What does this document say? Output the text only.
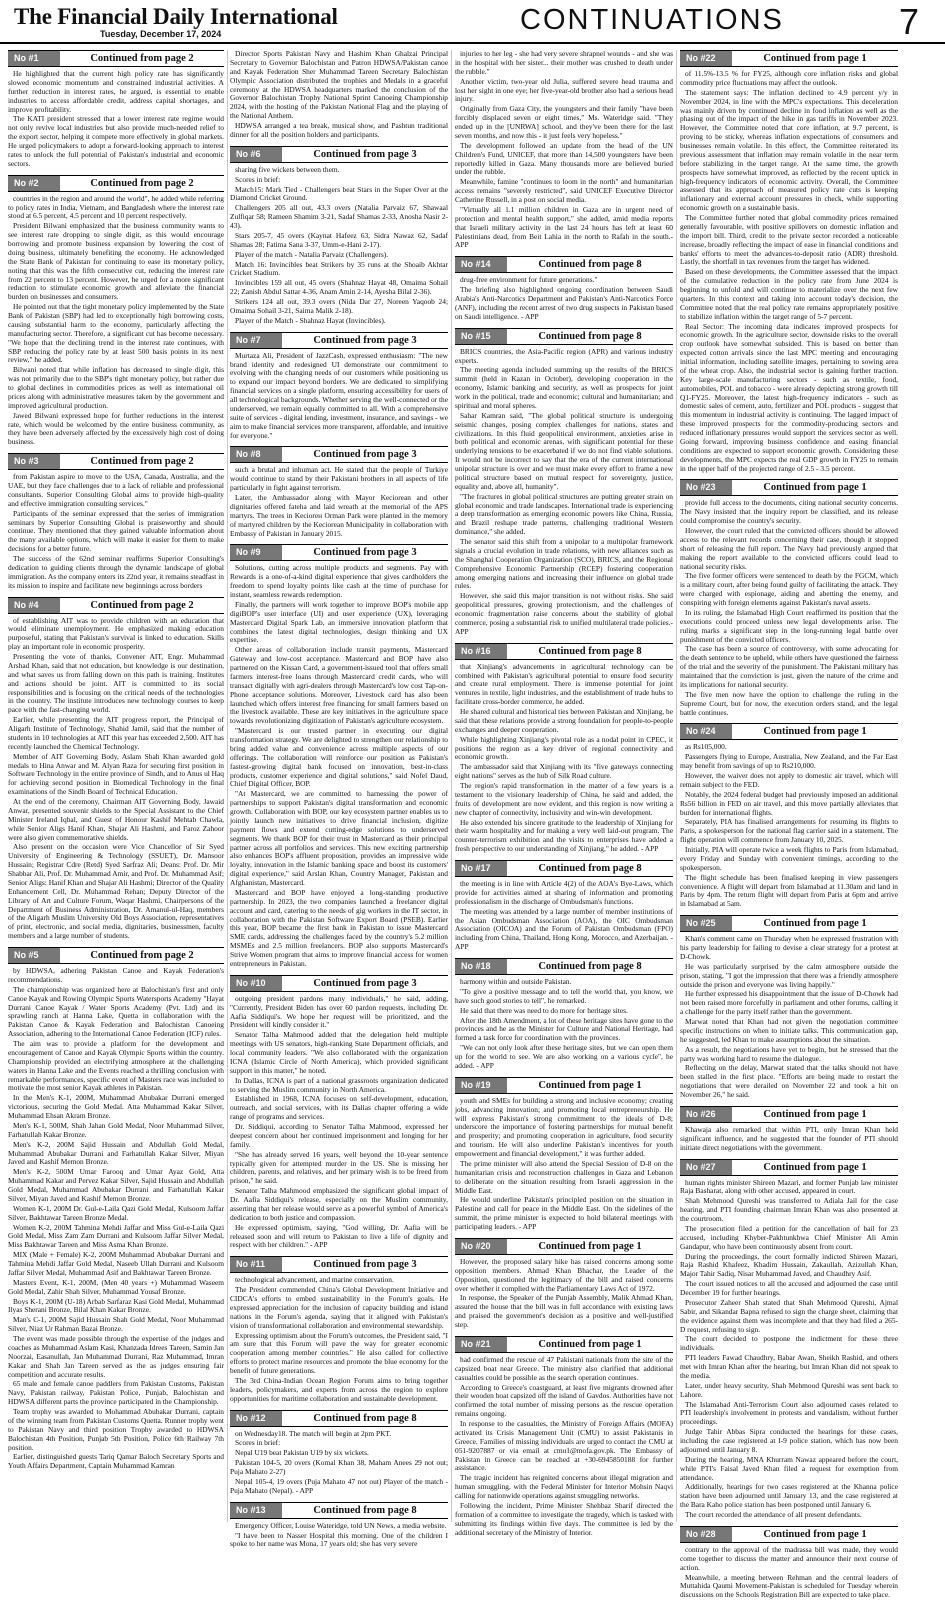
The Financial Daily International
Tuesday, December 17, 2024	CONTINUATIONS	7
No #1	Continued from page 2

He highlighted that the current high policy rate has significantly slowed economic momentum and constrained industrial activities. A further reduction in interest rates, he argued, is essential to enable industries to access affordable credit, address capital shortages, and improve profitability.

The KATI president stressed that a lower interest rate regime would not only revive local industries but also provide much-needed relief to the export sector, helping it compete more effectively in global markets. He urged policymakers to adopt a forward-looking approach to interest rates to unlock the full potential of Pakistan's industrial and economic sectors.

No #2	Continued from page 2

countries in the region and around the world", he added while referring to policy rates in India, Vietnam, and Bangladesh where the interest rate stood at 6.5 percent, 4.5 percent and 10 percent respectively.

President Bilwani emphasized that the business community wants to see interest rate dropping to single digit, as this would encourage borrowing and promote business expansion by lowering the cost of doing business, ultimately benefiting the economy. He acknowledged the State Bank of Pakistan for continuing to ease its monetary policy, noting that this was the fifth consecutive cut, reducing the interest rate from 22 percent to 13 percent. However, he urged for a more significant reduction to stimulate economic growth and alleviate the financial burden on businesses and consumers.

He pointed out that the tight monetary policy implemented by the State Bank of Pakistan (SBP) had led to exceptionally high borrowing costs, causing substantial harm to the economy, particularly affecting the manufacturing sector. Therefore, a significant cut has become necessary. "We hope that the declining trend in the interest rate continues, with SBP reducing the policy rate by at least 500 basis points in its next review," he added.

Bilwani noted that while inflation has decreased to single digit, this was not primarily due to the SBP's tight monetary policy, but rather due to global declines in commodities prices as well as international oil prices along with administrative measures taken by the government and improved agricultural production.

Jawed Bilwani expressed hope for further reductions in the interest rate, which would be welcomed by the entire business community, as they have been adversely affected by the excessively high cost of doing business.

No #3	Continued from page 2

from Pakistan aspire to move to the USA, Canada, Australia, and the UAE, but they face challenges due to a lack of reliable and professional consultants. Superior Consulting Global aims to provide high-quality and effective immigration consulting services."

Participants of the seminar expressed that the series of immigration seminars by Superior Consulting Global is praiseworthy and should continue. They mentioned that they gained valuable information about the many available options, which will make it easier for them to make decisions for a better future.

The success of the 62nd seminar reaffirms Superior Consulting's dedication to guiding clients through the dynamic landscape of global immigration. As the company enters its 22nd year, it remains steadfast in its mission to inspire and facilitate new beginnings across borders

No #4	Continued from page 2

of establishing AIT was to provide children with an education that would eliminate unemployment. He emphasized making education purposeful, stating that Pakistan's survival is linked to education. Skills play an important role in economic prosperity.

Presenting the vote of thanks, Convener AIT, Engr. Muhammad Arshad Khan, said that not education, but knowledge is our destination, and what saves us from falling down on this path is training. Institutes and actions should be joint. AIT is committed to its social responsibilities and is focusing on the critical needs of the technologies in the country. The institute introduces new technology courses to keep pace with the fast-changing world.

Earlier, while presenting the AIT progress report, the Principal of Aligarh Institute of Technology, Shahid Jamil, said that the number of students in 10 technologies at AIT this year has exceeded 2,500. AIT has recently launched the Chemical Technology.

Member of AIT Governing Body, Aslam Shah Khan awarded gold medals to Hina Anwar and M. Alyan Raza for securing first position in Software Technology in the entire province of Sindh, and to Anus ul Haq for achieving second position in Biomedical Technology in the final examinations of the Sindh Board of Technical Education.

At the end of the ceremony, Chairman AIT Governing Body, Jawaid Anwar, presented souvenir shields to the Special Assistant to the Chief Minister Ireland Iqbal, and Guest of Honour Kashif Mehtab Chawla, while Senior Aligs Hanif Khan, Shajar Ali Hashmi, and Faroz Zahoor were also given commemorative shields.

Also present on the occasion were Vice Chancellor of Sir Syed University of Engineering & Technology (SSUET), Dr. Mansoor Hussain; Registrar Cdre (Retd) Syed Sarfraz Ali; Deans: Prof. Dr. Mir Shabbar Ali, Prof. Dr. Muhammad Amir, and Prof. Dr. Muhammad Asif; Senior Aligs: Hanif Khan and Shajar Ali Hashmi; Director of the Quality Enhancement Cell, Dr. Muhammad Rehan; Deputy Director of the Library of Art and Culture Forum, Waqar Hashmi, Chairpersons of the Department of Business Administration, Dr. Amanul-ul-Haq, members of the Aligarh Muslim University Old Boys Association, representatives of print, electronic, and social media, dignitaries, businessmen, faculty members and a large number of students.

No #5	Continued from page 2

by HDWSA, adhering Pakistan Canoe and Kayak Federation's recommendations.

The championship was organized here at Balochistan's first and only Canoe Kayak and Rowing Olympic Sports Watersports Academy "Hayat Durrani Canoe Kayak / Water Sports Academy (Pvt. Ltd) and its sprawling ranch at Hanna Lake, Quetta in collaboration with the Pakistan Canoe & Kayak Federation and Balochistan Canoeing Association, adhering to the International Canoe Federation (ICF) rules.

The aim was to provide a platform for the development and encouragement of Canoe and Kayak Olympic Sports within the country. Championship provided an electrifying atmosphere at the challenging waters in Hanna Lake and the Events reached a thrilling conclusion with remarkable performances, specific event of Masters race was included to motivate the most senior Kayak athletes in Pakistan.

In the Men's K-1, 200M, Muhammad Abubakar Durrani emerged victorious, securing the Gold Medal. Atta Muhammad Kakar Silver, Muhammad Ehsan Akram Bronze.

Men's K-1, 500M, Shah Jahan Gold Medal, Noor Muhammad Silver, Farhatullah Kakar Bronze.

Men's K-2, 200M Sajid Hussain and Abdullah Gold Medal, Muhammad Abubakar Durrani and Farhatullah Kakar Silver, Miyan Javed and Kashif Memon Bronze.

Men's K-2, 500M Umar Farooq and Umar Ayaz Gold, Atta Muhammad Kakar and Pervez Kakar Silver, Sajid Hussain and Abdullah Gold Medal, Muhammad Abubakar Durrani and Farhatullah Kakar Silver, Miyan Javed and Kashif Memon Bronze.

Women K-1, 200M Dr. Gul-e-Laila Qazi Gold Medal, Kulsoom Jaffar Silver, Bakhtawar Tareen Bronze Medal.

Women K-2, 200M Tahmina Mehdi Jaffar and Miss Gul-e-Laila Qazi Gold Medal, Miss Zam Zam Durrani and Kulsoom Jaffar Silver Medal, Miss Bakhtawar Tareen and Miss Asma Khan Bronze.

MIX (Male + Female) K-2, 200M Muhammad Abubakar Durrani and Tahmina Mehdi Jaffar Gold Medal, Naseeb Ullah Durrani and Kulsoom Jaffar Silver Medal, Muhammad Asif and Bakhtawar Tareen Bronze.

Masters Event, K-1, 200M, (Men 40 years +) Muhammad Waseem Gold Medal, Zahir Shah Silver, Muhammad Yousaf Bronze.

Boys K-1, 200M (U-18) Arbab Sarfaraz Kasi Gold Medal, Muhammad Ilyas Sherani Bronze, Bilal Khan Kakar Bronze.

Man's C-1, 200M Sajid Hussain Shah Gold Medal, Noor Muhammad Silver, Niaz Ur Rahman Bazai Bronze.

The event was made possible through the expertise of the judges and coaches as Muhammad Aslam Kasi, Khanzada Idrees Tareen, Samin Jan Noorzai, Easanullah, Jan Muhammad Durrani, Raz Muhammad, Imran Kakar and Shah Jan Tareen served as the as judges ensuring fair competition and accurate results.

65 male and female canoe paddlers from Pakistan Customs, Pakistan Navy, Pakistan railway, Pakistan Police, Punjab, Balochistan and HDWSA different parts the province participated in the Championship.

Team trophy was awarded to Mohammad Abubakar Durrani, captain of the winning team from Pakistan Customs Quetta. Runner trophy went to Pakistan Navy and third position Trophy awarded to HDWSA Balochistan 4th Position, Punjab 5th Position, Police 6th Railway 7th position.

Earlier, distinguished guests Tariq Qamar Baloch Secretary Sports and Youth Affairs Department, Captain Muhammad Kamran

Director Sports Pakistan Navy and Hashim Khan Ghalzai Principal Secretary to Governor Balochistan and Patron HDWSA/Pakistan canoe and Kayak Federation Sher Muhammad Tareen Secretary Balochistan Olympic Association distributed the trophies and Medals in a graceful ceremony at the HDWSA headquarters marked the conclusion of the Governor Balochistan Trophy National Sprint Canoeing Championship 2024, with the hosting of the Pakistan National Flag and the playing of the National Anthem.

HDWSA arranged a tea break, musical show, and Pashtun traditional dinner for all the position holders and participants.

No #6	Continued from page 3

sharing five wickets between them.

Scores in brief:

Match15: Mark Tied - Challengers beat Stars in the Super Over at the Diamond Cricket Ground.

Challengers 205 all out, 43.3 overs (Natalia Parvaiz 67, Shawaal Zulfiqar 58; Rameen Shamim 3-21, Sadaf Shamas 2-33, Anosha Nasir 2-43).

Stars 205-7, 45 overs (Kaynat Hafeez 63, Sidra Nawaz 62, Sadaf Shamas 28; Fatima Sana 3-37, Umm-e-Hani 2-17).

Player of the match - Natalia Parvaiz (Challengers).

Match 16: Invincibles beat Strikers by 35 runs at the Shoaib Akhtar Cricket Stadium.

Invincibles 159 all out, 45 overs (Shahnaz Hayat 48, Omaima Sohail 22; Zanish Abdul Sattar 4-36, Anam Amin 2-14, Ayesha Bilal 2-36).

Strikers 124 all out, 39.3 overs (Nida Dar 27, Noreen Yaqoob 24; Omaima Sohail 3-21, Saima Malik 2-18).

Player of the Match - Shahnaz Hayat (Invincibles).

No #7	Continued from page 3

Murtaza Ali, President of JazzCash, expressed enthusiasm: "The new brand identity and redesigned UI demonstrate our commitment to evolving with the changing needs of our customers while positioning us to expand our impact beyond borders. We are dedicated to simplifying financial services on a single platform, ensuring accessibility for users of all technological backgrounds. Whether serving the well-connected or the underserved, we remain equally committed to all. With a comprehensive suite of services - digital lending, investment, insurance, and savings - we aim to make financial services more transparent, affordable, and intuitive for everyone."

No #8	Continued from page 3

such a brutal and inhuman act. He stated that the people of Turkiye would continue to stand by their Pakistani brothers in all aspects of life particularly in fight against terrorism.

Later, the Ambassador along with Mayor Keciorean and other dignitaries offered fateha and laid wreath at the memorial of the APS martyrs. The trees in Keciorен Orman Park were planted in the memory of martyred children by the Keciorean Municipality in collaboration with Embassy of Pakistan in January 2015.

No #9	Continued from page 3

Solutions, cutting across multiple products and segments. Pay with Rewards is a one-of-a-kind digital experience that gives cardholders the freedom to spend loyalty points like cash at the time of purchase for instant, seamless rewards redemption.

Finally, the partners will work together to improve BOP's mobile app digiBOP's user interface (UI) and user experience (UX), leveraging Mastercard Digital Spark Lab, an immersive innovation platform that combines the latest digital technologies, design thinking and UX expertise.

Other areas of collaboration include transit payments, Mastercard Gateway and low-cost acceptance. Mastercard and BOP have also partnered on the Kissan Card, a government-issued tool that offers small farmers interest-free loans through Mastercard credit cards, who will transact digitally with agri-dealers through Mastercard's low cost Tap-on-Phone acceptance solutions. Moreover, Livestock card has also been launched which offers interest free financing for small farmers based on the livestock available. These are key initiatives in the agriculture space towards revolutionizing digitization of Pakistan's agriculture ecosystem.

"Mastercard is our trusted partner in executing our digital transformation strategy. We are delighted to strengthen our relationship to bring added value and convenience across multiple aspects of our offerings. The collaboration will reinforce our position as Pakistan's fastest-growing digital bank focused on innovation, best-in-class products, customer experience and digital solutions," said Nofel Daud, Chief Digital Officer, BOP.

"At Mastercard, we are committed to harnessing the power of partnerships to support Pakistan's digital transformation and economic growth. Collaboration with BOP, our key ecosystem partner enables us to jointly launch new initiatives to drive financial inclusion, digitize payment flows and extend cutting-edge solutions to underserved segments. We thank BOP for their trust in Mastercard as their principal partner across all portfolios and services. This new exciting partnership also enhances BOP's affluent proposition, provides an impressive wide loyalty, innovation in the Islamic banking space and boost its customers' digital experience," said Arslan Khan, Country Manager, Pakistan and Afghanistan, Mastercard.

Mastercard and BOP have enjoyed a long-standing productive partnership. In 2023, the two companies launched a freelancer digital account and card, catering to the needs of gig workers in the IT sector, in collaboration with the Pakistan Software Export Board (PSEB). Earlier this year, BOP became the first bank in Pakistan to issue Mastercard SME cards, addressing the challenges faced by the country's 5.2 million MSMEs and 2.5 million freelancers. BOP also supports Mastercard's Strive Women program that aims to improve financial access for women entrepreneurs in Pakistan.

No #10	Continued from page 3

outgoing president pardons many individuals," he said, adding, "Currently, President Biden has over 60 pardon requests, including Dr. Aafia Siddiqui's. We hope her request will be prioritized, and the President will kindly consider it."

Senator Talha Mahmood added that the delegation held multiple meetings with US senators, high-ranking State Department officials, and local community leaders. "We also collaborated with the organization ICNA (Islamic Circle of North America), which provided significant support in this matter," he noted.

In Dallas, ICNA is part of a national grassroots organization dedicated to serving the Muslim community in North America.

Established in 1968, ICNA focuses on self-development, education, outreach, and social services, with its Dallas chapter offering a wide range of programs and services.

Dr. Siddiqui, according to Senator Talha Mahmood, expressed her deepest concern about her continued imprisonment and longing for her family.

"She has already served 16 years, well beyond the 10-year sentence typically given for attempted murder in the US. She is missing her children, parents, and relatives, and her primary wish is to be freed from prison," he said.

Senator Talha Mahmood emphasized the significant global impact of Dr. Aafia Siddiqui's release, especially on the Muslim community, asserting that her release would serve as a powerful symbol of America's dedication to both justice and compassion.

He expressed optimism, saying, "God willing, Dr. Aafia will be released soon and will return to Pakistan to live a life of dignity and respect with her children." - APP

No #11	Continued from page 3

technological advancement, and marine conservation.

The President commended China's Global Development Initiative and CIDCA's efforts to embed sustainability in the Forum's goals. He expressed appreciation for the inclusion of capacity building and island nations in the Forum's agenda, saying that it aligned with Pakistan's vision of transformational collaboration and environmental stewardship.

Expressing optimism about the Forum's outcomes, the President said, "I am sure that this Forum will pave the way for greater economic cooperation among member countries." He also called for collective efforts to protect marine resources and promote the blue economy for the benefit of future generations.

The 3rd China-Indian Ocean Region Forum aims to bring together leaders, policymakers, and experts from across the region to explore opportunities for maritime collaboration and sustainable development.

No #12	Continued from page 8

on Wednesday18. The match will begin at 2pm PKT.

Scores in brief:

Nepal U19 beat Pakistan U19 by six wickets.

Pakistan 104-5, 20 overs (Komal Khan 38, Maham Anees 29 not out; Puja Mahato 2-27)

Nepal 105-4, 19 overs (Puja Mahato 47 not out) Player of the match - Puja Mahato (Nepal). - APP

No #13	Continued from page 8

Emergency Officer, Louise Wateridge, told UN News, a media website.

"I have been to Nasser Hospital this morning. One of the children I spoke to her name was Mona, 17 years old; she has very severe

injuries to her leg - she had very severe shrapnel wounds - and she was in the hospital with her sister... their mother was crushed to death under the rubble."

Another victim, two-year old Julia, suffered severe head trauma and lost her sight in one eye; her five-year-old brother also had a serious head injury.

Originally from Gaza City, the youngsters and their family "have been forcibly displaced seven or eight times," Ms. Wateridge said. "They ended up in the [UNRWA] school, and they've been there for the last seven months, and now this - it just feels very hopeless."

The development followed an update from the head of the UN Children's Fund, UNICEF, that more than 14,500 youngsters have been reportedly killed in Gaza. Many thousands more are believed buried under the rubble.

Meanwhile, famine "continues to loom in the north" and humanitarian access remains "severely restricted", said UNICEF Executive Director Catherine Russell, in a post on social media.

"Virtually all 1.1 million children in Gaza are in urgent need of protection and mental health support," she added, amid media reports that Israeli military activity in the last 24 hours has left at least 60 Palestinians dead, from Beit Lahia in the north to Rafah in the south.- APP

No #14	Continued from page 8

drug-free environment for future generations."

The briefing also highlighted ongoing coordination between Saudi Arabia's Anti-Narcotics Department and Pakistan's Anti-Narcotics Force (ANF), including the recent arrest of two drug suspects in Pakistan based on Saudi intelligence. - APP

No #15	Continued from page 8

BRICS countries, the Asia-Pacific region (APR) and various industry experts.

The meeting agenda included summing up the results of the BRICS summit (held in Kazan in October), developing cooperation in the economy, Islamic banking and security, as well as prospects for joint work in the political, trade and economic; cultural and humanitarian; and spiritual and moral spheres.

Sahar Kamran said, "The global political structure is undergoing seismic changes, posing complex challenges for nations, states and civilizations. In this fluid geopolitical environment, anxieties arise in both political and economic arenas, with significant potential for these underlying tensions to be exacerbated if we do not find viable solutions. It would not be incorrect to say that the era of the current international unipolar structure is over and we must make every effort to frame a new political structure based on mutual respect for sovereignty, justice, equality and, above all, humanity".

"The fractures in global political structures are putting greater strain on global economic and trade landscapes. International trade is experiencing a deep transformation as emerging economic powers like China, Russia, and Brazil reshape trade patterns, challenging traditional Western dominance," she added.

The senator said this shift from a unipolar to a multipolar framework signals a crucial evolution in trade relations, with new alliances such as the Shanghai Cooperation Organization (SCO), BRICS, and the Regional Comprehensive Economic Partnership (RCEP) fostering cooperation among emerging nations and increasing their influence on global trade rules.

However, she said this major transition is not without risks. She said geopolitical pressures, growing protectionism, and the challenges of economic fragmentation raise concerns about the stability of global commerce, posing a substantial risk to unified multilateral trade policies.- APP

No #16	Continued from page 8

that Xinjiang's advancements in agricultural technology can be combined with Pakistan's agricultural potential to ensure food security and create rural employment. There is immense potential for joint ventures in textile, light industries, and the establishment of trade hubs to facilitate cross-border commerce, he added.

He shared cultural and historical ties between Pakistan and Xinjiang, he said that these relations provide a strong foundation for people-to-people exchanges and deeper cooperation.

While highlighting Xinjiang's pivotal role as a nodal point in CPEC, it positions the region as a key driver of regional connectivity and economic growth.

The ambassador said that Xinjiang with its "five gateways connecting eight nations" serves as the hub of Silk Road culture.

The region's rapid transformation in the matter of a few years is a testament to the visionary leadership of China, he said and added, the fruits of development are now evident, and this region is now writing a new chapter of connectivity, inclusivity and win-win development.

He also extended his sincere gratitude to the leadership of Xinjiang for their warm hospitality and for making a very well laid-out program. The counter-terrorism exhibition and the visits to enterprises have added a fresh perspective to our understanding of Xinjiang," he added. - APP

No #17	Continued from page 8

the meeting is in line with Article 4(2) of the AOA's Bye-Laws, which provide for activities aimed at sharing of information and promoting professionalism in the discharge of Ombudsman's functions.

The meeting was attended by a large number of member institutions of the Asian Ombudsman Association (AOA), the OIC Ombudsman Association (OICOA) and the Forum of Pakistan Ombudsman (FPO) including from China, Thailand, Hong Kong, Morocco, and Azerbaijan. - APP

No #18	Continued from page 8

harmony within and outside Pakistan.

"To give a positive message and to tell the world that, you know, we have such good stories to tell", he remarked.

He said that there was need to do more for heritage sites.

After the 18th Amendment, a lot of these heritage sites have gone to the provinces and he as the Minister for Culture and National Heritage, had formed a task force for coordination with the provinces.

"We can not only look after these heritage sites, but we can open them up for the world to see. We are also working on a various cycle", he added. - APP

No #19	Continued from page 1

youth and SMEs for building a strong and inclusive economy; creating jobs, advancing innovation; and promoting local entrepreneurship. He will express Pakistan's strong commitment to the ideals of D-8; underscore the importance of fostering partnerships for mutual benefit and prosperity; and promoting cooperation in agriculture, food security and tourism. He will also underline Pakistan's incentives for youth empowerment and financial development," it was further added.

The prime minister will also attend the Special Session of D-8 on the humanitarian crisis and reconstruction challenges in Gaza and Lebanon to deliberate on the situation resulting from Israeli aggression in the Middle East.

He would underline Pakistan's principled position on the situation in Palestine and call for peace in the Middle East. On the sidelines of the summit, the prime minister is expected to hold bilateral meetings with participating leaders. - APP

No #20	Continued from page 1

However, the proposed salary hike has raised concerns among some opposition members. Ahmad Khan Bhachar, the Leader of the Opposition, questioned the legitimacy of the bill and raised concerns over whether it complied with the Parliamentary Laws Act of 1972.

In response, the Speaker of the Punjab Assembly, Malik Ahmad Khan, assured the house that the bill was in full accordance with existing laws and praised the government's decision as a positive and well-justified step.

No #21	Continued from page 1

had confirmed the rescue of 47 Pakistani nationals from the site of the capsized boat near Greece. The ministry also clarified that additional casualties could be possible as the search operation continues.

According to Greece's coastguard, at least five migrants drowned after their wooden boat capsized off the island of Gavdos. Authorities have not confirmed the total number of missing persons as the rescue operation remains ongoing.

In response to the casualties, the Ministry of Foreign Affairs (MOFA) activated its Crisis Management Unit (CMU) to assist Pakistanis in Greece. Families of missing individuals are urged to contact the CMU at 051-9207887 or via email at cmu1@mofa.gov.pk. The Embassy of Pakistan in Greece can be reached at +30-6945850188 for further assistance.

The tragic incident has reignited concerns about illegal migration and human smuggling, with the Federal Minister for Interior Mohsin Naqvi calling for nationwide operations against smuggling networks.

Following the incident, Prime Minister Shehbaz Sharif directed the formation of a committee to investigate the tragedy, which is tasked with submitting its findings within five days. The committee is led by the additional secretary of the Ministry of Interior.

No #22	Continued from page 1

of 11.5%-13.5 % for FY25, although core inflation risks and global commodity price fluctuations may affect the outlook.

The statement says: The inflation declined to 4.9 percent y/y in November 2024, in line with the MPC's expectations. This deceleration was mainly driven by continued decline in food inflation as well as the phasing out of the impact of the hike in gas tariffs in November 2023. However, the Committee noted that core inflation, at 9.7 percent, is proving to be sticky, whereas inflation expectations of consumers and businesses remain volatile. In this effect, the Committee reiterated its previous assessment that inflation may remain volatile in the near term before stabilizing in the target range. At the same time, the growth prospects have somewhat improved, as reflected by the recent uptick in high-frequency indicators of economic activity. Overall, the Committee assessed that its approach of measured policy rate cuts is keeping inflationary and external account pressures in check, while supporting economic growth on a sustainable basis.

The Committee further noted that global commodity prices remained generally favourable, with positive spillovers on domestic inflation and the import bill. Third, credit to the private sector recorded a noticeable increase, broadly reflecting the impact of ease in financial conditions and banks' efforts to meet the advances-to-deposit ratio (ADR) threshold. Lastly, the shortfall in tax revenues from the target has widened.

Based on these developments, the Committee assessed that the impact of the cumulative reduction in the policy rate from June 2024 is beginning to unfold and will continue to materialize over the next few quarters. In this context and taking into account today's decision, the Committee noted that the real policy rate remains appropriately positive to stabilize inflation within the target range of 5-7 percent.

Real Sector: The incoming data indicates improved prospects for economic growth. In the agriculture sector, downside risks to the overall crop outlook have somewhat subsided. This is based on better than expected cotton arrivals since the last MPC meeting and encouraging initial information, including satellite images, pertaining to sowing area of the wheat crop. Also, the industrial sector is gaining further traction. Key large-scale manufacturing sectors - such as textile, food, automobiles, POL and tobacco - were already depicting strong growth till Q1-FY25. Moreover, the latest high-frequency indicators - such as domestic sales of cement, auto, fertilizer and POL products - suggest that this momentum in industrial activity is continuing. The lagged impact of these improved prospects for the commodity-producing sectors and reduced inflationary pressures would support the services sector as well. Going forward, improving business confidence and easing financial conditions are expected to support economic growth. Considering these developments, the MPC expects the real GDP growth in FY25 to remain in the upper half of the projected range of 2.5 - 3.5 percent.

No #23	Continued from page 1

provide full access to the documents, citing national security concerns. The Navy insisted that the inquiry report be classified, and its release could compromise the country's security.

However, the court ruled that the convicted officers should be allowed access to the relevant records concerning their case, though it stopped short of releasing the full report. The Navy had previously argued that making the report available to the convicted officers could lead to national security risks.

The five former officers were sentenced to death by the FGCM, which is a military court, after being found guilty of facilitating the attack. They were charged with espionage, aiding and abetting the enemy, and conspiring with foreign elements against Pakistan's naval assets.

In its ruling, the Islamabad High Court reaffirmed its position that the executions could proceed unless new legal developments arise. The ruling marks a significant step in the long-running legal battle over punishment of the convicted officers.

The case has been a source of controversy, with some advocating for the death sentence to be upheld, while others have questioned the fairness of the trial and the severity of the punishment. The Pakistani military has maintained that the conviction is just, given the nature of the crime and its implications for national security.

The five men now have the option to challenge the ruling in the Supreme Court, but for now, the execution orders stand, and the legal battle continues.

No #24	Continued from page 1

as Rs105,000.

Passengers flying to Europe, Australia, New Zealand, and the Far East may benefit from savings of up to Rs210,000.

However, the waiver does not apply to domestic air travel, which will remain subject to the FED.

Notably, the 2024 federal budget had previously imposed an additional Rs56 billion in FED on air travel, and this move partially alleviates that burden for international flights.

Separately, PIA has finalised arrangements for resuming its flights to Paris, a spokesperson for the national flag carrier said in a statement. The flight operation will commence from January 10, 2025.

Initially, PIA will operate twice a week flights to Paris from Islamabad, every Friday and Sunday with convenient timings, according to the spokesperson.

The flight schedule has been finalised keeping in view passengers convenience. A flight will depart from Islamabad at 11.30am and land in Paris by 4pm. The return flight will depart from Paris at 6pm and arrive in Islamabad at 5am.

No #25	Continued from page 1

Khan's comment came on Thursday when he expressed frustration with his party leadership for failing to devise a clear strategy for a protest at D-Chowk.

He was particularly surprised by the calm atmosphere outside the prison, stating, "I got the impression that there was a friendly atmosphere outside the prison and everyone was living happily."

He further expressed his disappointment that the issue of D-Chowk had not been raised more forcefully in parliament and other forums, calling it a challenge for the party itself rather than the government.

Marwat noted that Khan had not given the negotiation committee specific instructions on when to initiate talks. This communication gap, he suggested, led Khan to make assumptions about the situation.

As a result, the negotiations have yet to begin, but he stressed that the party was working hard to resume the dialogue.

Reflecting on the delay, Marwat stated that the talks should not have been stalled in the first place. "Efforts are being made to restart the negotiations that were derailed on November 22 and took a hit on November 26," he said.

No #26	Continued from page 1

Khawaja also remarked that within PTI, only Imran Khan held significant influence, and he suggested that the founder of PTI should initiate direct negotiations with the government.

No #27	Continued from page 1

human rights minister Shireen Mazari, and former Punjab law minister Raja Basharat, along with other accused, appeared in court.

Shah Mehmood Qureshi was transferred to Adiala Jail for the case hearing, and PTI founding chairman Imran Khan was also presented at the courtroom.

The prosecution filed a petition for the cancellation of bail for 23 accused, including Khyber-Pakhtunkhwa Chief Minister Ali Amin Gandapur, who have been continuously absent from court.

During the proceedings, the court formally indicted Shireen Mazari, Raja Rashid Khafeez, Khadim Hussain, Zakaullah, Azizullah Khan, Major Tahir Sadiq, Nisar Muhammad Javed, and Chaudhry Asif.

The court issued notices to all the accused and adjourned the case until December 19 for further hearings.

Prosecutor Zaheer Shah stated that Shah Mehmood Qureshi, Ajmal Sabir, and Sikandar Bapna refused to sign the charge sheet, claiming that the evidence against them was incomplete and that they had filed a 265-D request, refusing to sign.

The court decided to postpone the indictment for these three individuals.

PTI leaders Fawad Chaudhry, Babar Awan, Sheikh Rashid, and others met with Imran Khan after the hearing, but Imran Khan did not speak to the media.

Later, under heavy security, Shah Mehmood Qureshi was sent back to Lahore.

The Islamabad Anti-Terrorism Court also adjourned cases related to PTI leadership's involvement in protests and vandalism, without further proceedings.

Judge Tahir Abbas Sipra conducted the hearings for these cases, including the case registered at I-9 police station, which has now been adjourned until January 8.

During the hearing, MNA Khurram Nawaz appeared before the court, while PTI's Faisal Javed Khan filed a request for exemption from attendance.

Additionally, hearings for two cases registered at the Khanna police station have been adjourned until January 13, and the case registered at the Bara Kaho police station has been postponed until January 6.

The court recorded the attendance of all present defendants.

No #28	Continued from page 1

contrary to the approval of the madrassa bill was made, they would come together to discuss the matter and announce their next course of action.

Meanwhile, a meeting between Rehman and the central leaders of Muttahida Qaumi Movement-Pakistan is scheduled for Tuesday wherein discussions on the Schools Registration Bill are expected to take place.
